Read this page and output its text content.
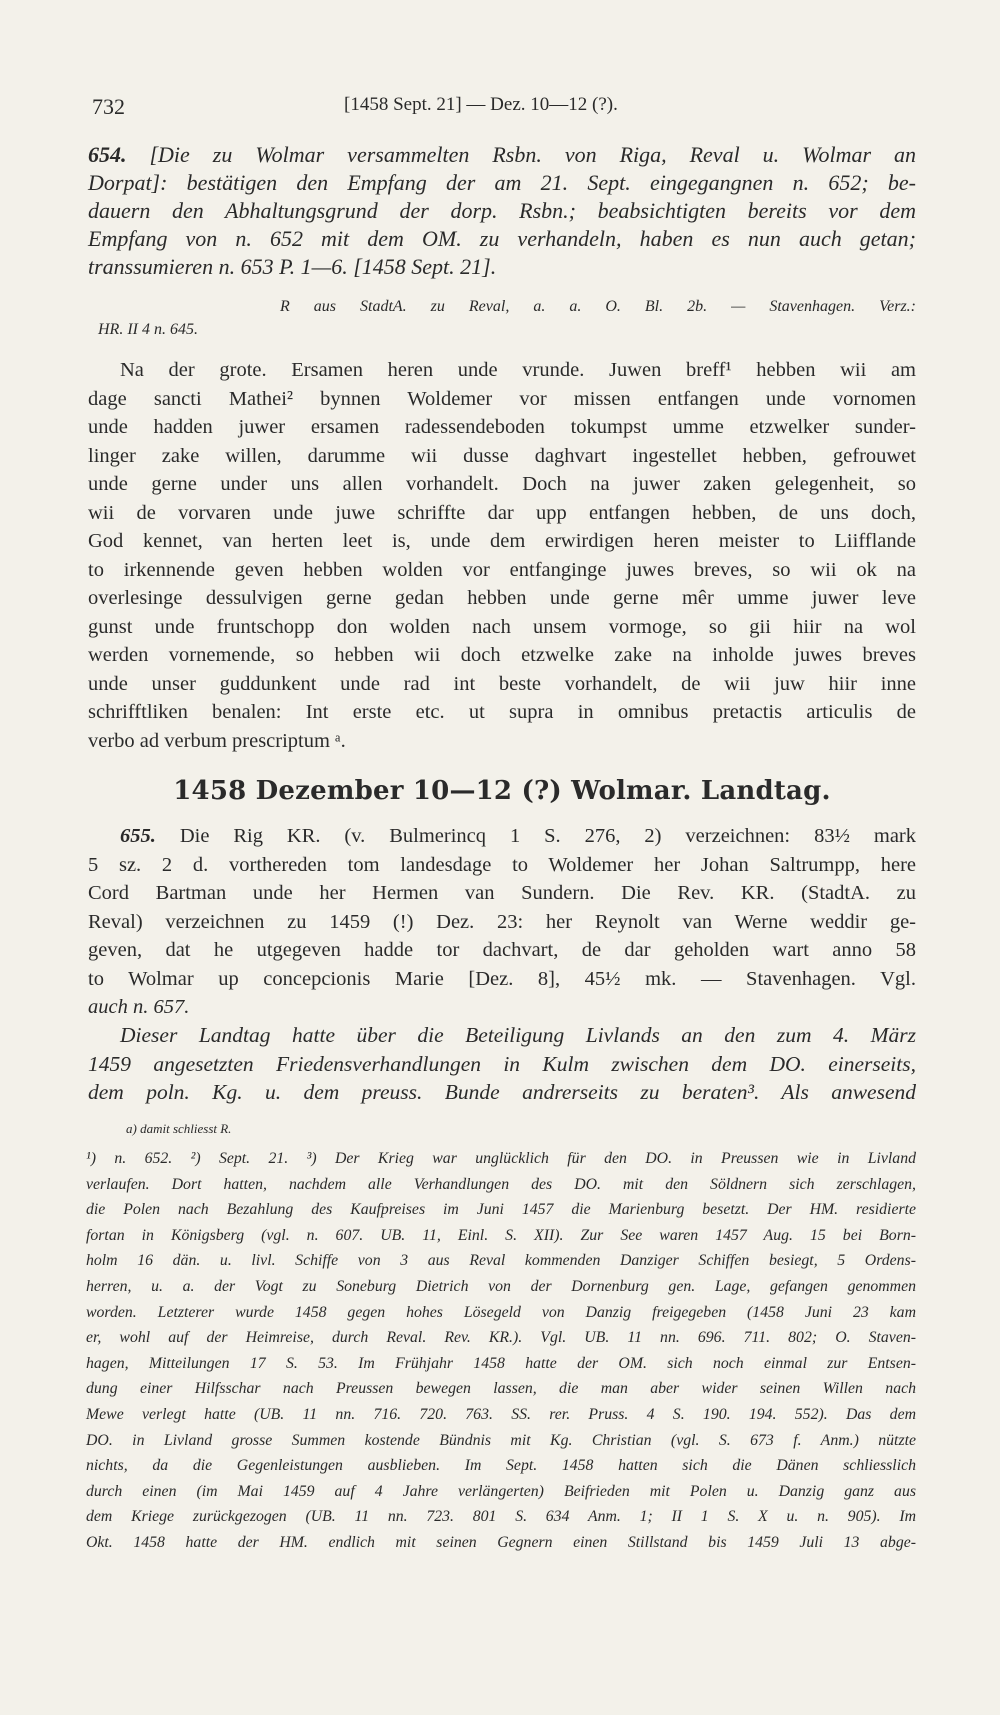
732	[1458 Sept. 21] — Dez. 10—12 (?).

654. [Die zu Wolmar versammelten Rsbn. von Riga, Reval u. Wolmar an

Dorpat]: bestätigen den Empfang der am 21. Sept. eingegangnen n. 652; be-

dauern den Abhaltungsgrund der dorp. Rsbn.; beabsichtigten bereits vor dem

Empfang von n. 652 mit dem OM. zu verhandeln, haben es nun auch getan;

transsumieren n. 653 P. 1—6. [1458 Sept. 21].

R aus StadtA. zu Reval, a. a. O. Bl. 2b. — Stavenhagen. Verz.:

HR. II 4 n. 645.

Na der grote. Ersamen heren unde vrunde. Juwen breff¹ hebben wii am

dage sancti Mathei² bynnen Woldemer vor missen entfangen unde vornomen

unde hadden juwer ersamen radessendeboden tokumpst umme etzwelker sunder-

linger zake willen, darumme wii dusse daghvart ingestellet hebben, gefrouwet

unde gerne under uns allen vorhandelt. Doch na juwer zaken gelegenheit, so

wii de vorvaren unde juwe schriffte dar upp entfangen hebben, de uns doch,

God kennet, van herten leet is, unde dem erwirdigen heren meister to Liifflande

to irkennende geven hebben wolden vor entfanginge juwes breves, so wii ok na

overlesinge dessulvigen gerne gedan hebben unde gerne mêr umme juwer leve

gunst unde fruntschopp don wolden nach unsem vormoge, so gii hiir na wol

werden vornemende, so hebben wii doch etzwelke zake na inholde juwes breves

unde unser guddunkent unde rad int beste vorhandelt, de wii juw hiir inne

schrifftliken benalen: Int erste etc. ut supra in omnibus pretactis articulis de

verbo ad verbum prescriptum ᵃ.

1458 Dezember 10—12 (?) Wolmar. Landtag.

655. Die Rig KR. (v. Bulmerincq 1 S. 276, 2) verzeichnen: 83½ mark

5 sz. 2 d. vorthereden tom landesdage to Woldemer her Johan Saltrumpp, here

Cord Bartman unde her Hermen van Sundern. Die Rev. KR. (StadtA. zu

Reval) verzeichnen zu 1459 (!) Dez. 23: her Reynolt van Werne weddir ge-

geven, dat he utgegeven hadde tor dachvart, de dar geholden wart anno 58

to Wolmar up concepcionis Marie [Dez. 8], 45½ mk. — Stavenhagen. Vgl.

auch n. 657.

Dieser Landtag hatte über die Beteiligung Livlands an den zum 4. März

1459 angesetzten Friedensverhandlungen in Kulm zwischen dem DO. einerseits,

dem poln. Kg. u. dem preuss. Bunde andrerseits zu beraten³. Als anwesend

a) damit schliesst R.

¹) n. 652. ²) Sept. 21. ³) Der Krieg war unglücklich für den DO. in Preussen wie in Livland

verlaufen. Dort hatten, nachdem alle Verhandlungen des DO. mit den Söldnern sich zerschlagen,

die Polen nach Bezahlung des Kaufpreises im Juni 1457 die Marienburg besetzt. Der HM. residierte

fortan in Königsberg (vgl. n. 607. UB. 11, Einl. S. XII). Zur See waren 1457 Aug. 15 bei Born-

holm 16 dän. u. livl. Schiffe von 3 aus Reval kommenden Danziger Schiffen besiegt, 5 Ordens-

herren, u. a. der Vogt zu Soneburg Dietrich von der Dornenburg gen. Lage, gefangen genommen

worden. Letzterer wurde 1458 gegen hohes Lösegeld von Danzig freigegeben (1458 Juni 23 kam

er, wohl auf der Heimreise, durch Reval. Rev. KR.). Vgl. UB. 11 nn. 696. 711. 802; O. Staven-

hagen, Mitteilungen 17 S. 53. Im Frühjahr 1458 hatte der OM. sich noch einmal zur Entsen-

dung einer Hilfsschar nach Preussen bewegen lassen, die man aber wider seinen Willen nach

Mewe verlegt hatte (UB. 11 nn. 716. 720. 763. SS. rer. Pruss. 4 S. 190. 194. 552). Das dem

DO. in Livland grosse Summen kostende Bündnis mit Kg. Christian (vgl. S. 673 f. Anm.) nützte

nichts, da die Gegenleistungen ausblieben. Im Sept. 1458 hatten sich die Dänen schliesslich

durch einen (im Mai 1459 auf 4 Jahre verlängerten) Beifrieden mit Polen u. Danzig ganz aus

dem Kriege zurückgezogen (UB. 11 nn. 723. 801 S. 634 Anm. 1; II 1 S. X u. n. 905). Im

Okt. 1458 hatte der HM. endlich mit seinen Gegnern einen Stillstand bis 1459 Juli 13 abge-
